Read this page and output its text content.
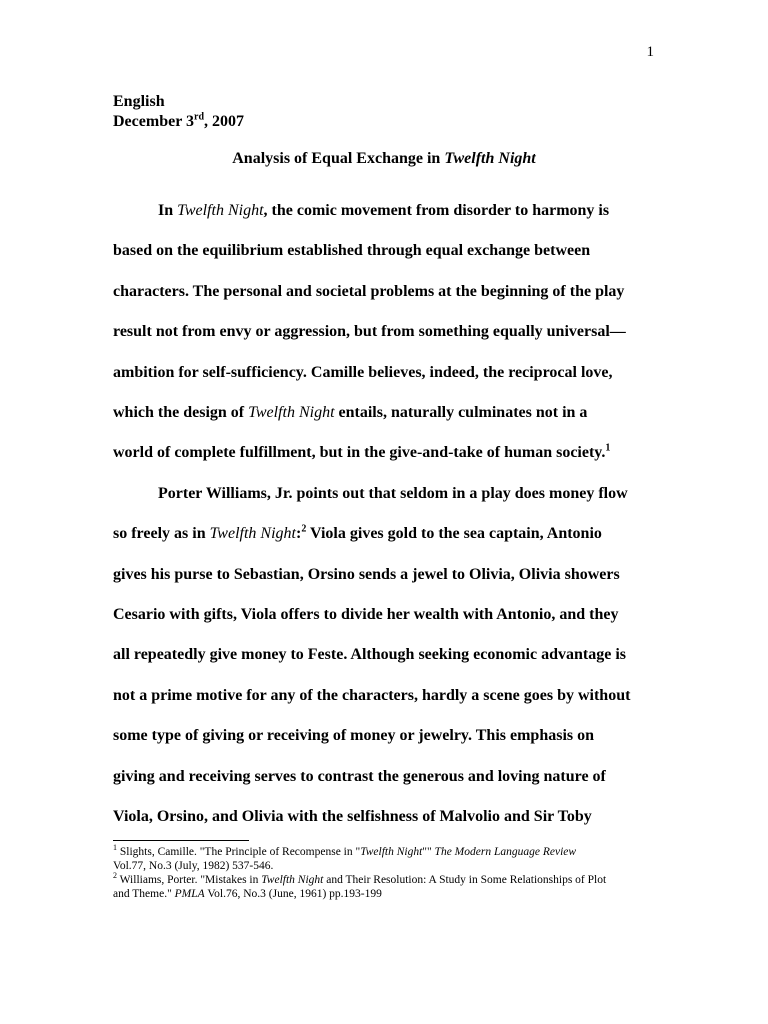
1
English
December 3rd, 2007
Analysis of Equal Exchange in Twelfth Night
In Twelfth Night, the comic movement from disorder to harmony is
based on the equilibrium established through equal exchange between
characters. The personal and societal problems at the beginning of the play
result not from envy or aggression, but from something equally universal—
ambition for self-sufficiency. Camille believes, indeed, the reciprocal love,
which the design of Twelfth Night entails, naturally culminates not in a
world of complete fulfillment, but in the give-and-take of human society.$^1$
Porter Williams, Jr. points out that seldom in a play does money flow
so freely as in Twelfth Night:$^2$ Viola gives gold to the sea captain, Antonio
gives his purse to Sebastian, Orsino sends a jewel to Olivia, Olivia showers
Cesario with gifts, Viola offers to divide her wealth with Antonio, and they
all repeatedly give money to Feste. Although seeking economic advantage is
not a prime motive for any of the characters, hardly a scene goes by without
some type of giving or receiving of money or jewelry. This emphasis on
giving and receiving serves to contrast the generous and loving nature of
Viola, Orsino, and Olivia with the selfishness of Malvolio and Sir Toby
$^1$ Slights, Camille. "The Principle of Recompense in "Twelfth Night"" The Modern Language Review
Vol.77, No.3 (July, 1982) 537-546.
$^2$ Williams, Porter. "Mistakes in Twelfth Night and Their Resolution: A Study in Some Relationships of Plot
and Theme." PMLA Vol.76, No.3 (June, 1961) pp.193-199
